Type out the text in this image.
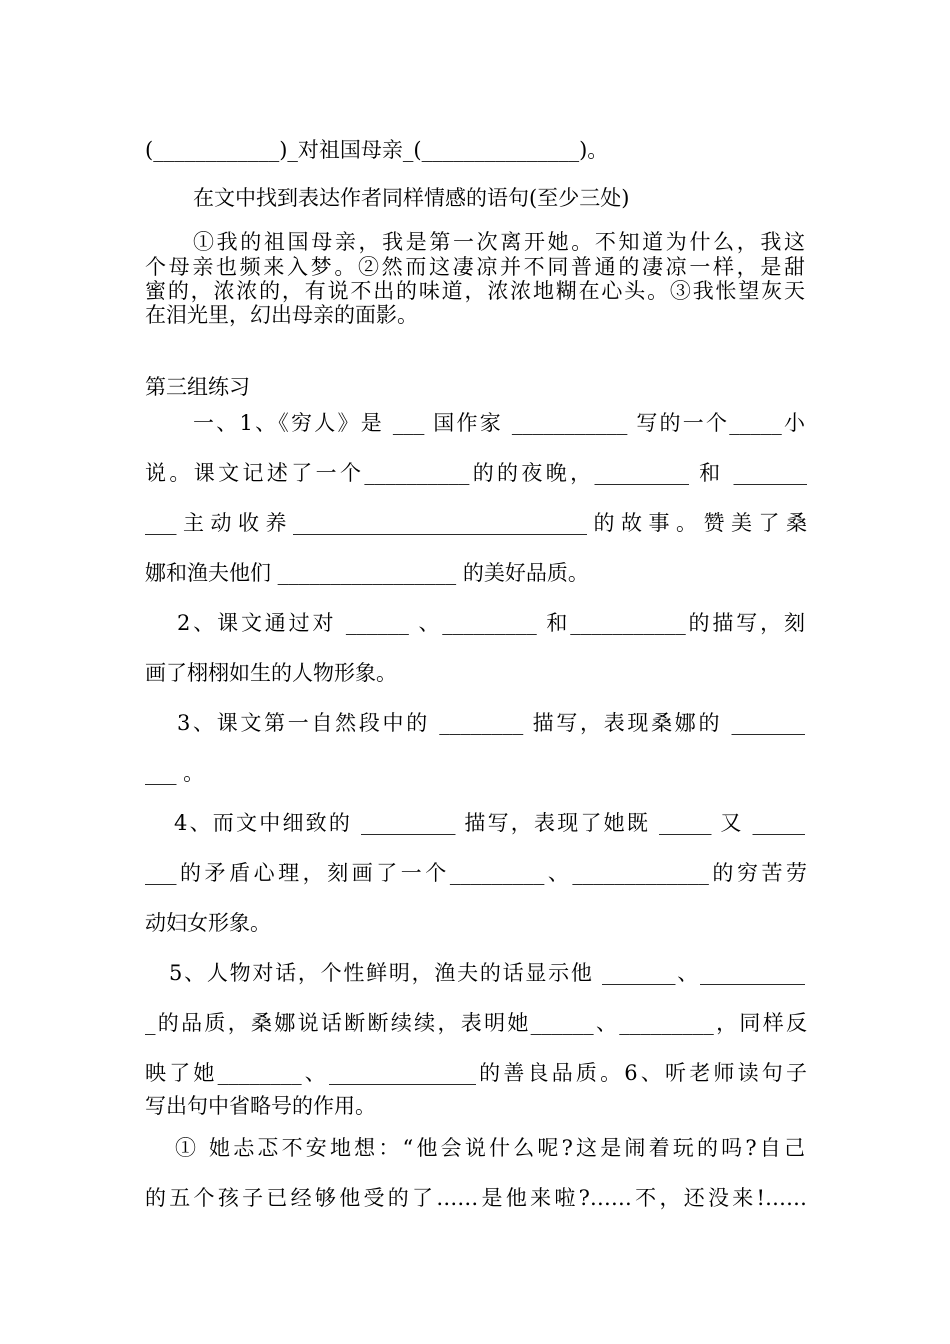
(____________)_对祖国母亲_(_______________)。
在文中找到表达作者同样情感的语句(至少三处)
①我的祖国母亲，我是第一次离开她。不知道为什么，我这
个母亲也频来入梦。②然而这凄凉并不同普通的凄凉一样，是甜
蜜的，浓浓的，有说不出的味道，浓浓地糊在心头。③我怅望灰天
在泪光里，幻出母亲的面影。
第三组练习
一、1、《穷人》是 ___ 国作家 ___________ 写的一个_____小
说。课文记述了一个__________的的夜晚，_________ 和 _______
___主动收养____________________________的故事。赞美了桑
娜和渔夫他们 _________________ 的美好品质。
2、课文通过对 ______ 、_________ 和___________的描写，刻
画了栩栩如生的人物形象。
3、课文第一自然段中的 ________ 描写，表现桑娜的 _______
___ 。
4、而文中细致的 _________ 描写，表现了她既 _____ 又 _____
___的矛盾心理，刻画了一个_________、_____________的穷苦劳
动妇女形象。
5、人物对话，个性鲜明，渔夫的话显示他 _______、__________
_的品质，桑娜说话断断续续，表明她______、_________，同样反
映了她________、______________的善良品质。6、听老师读句子
写出句中省略号的作用。
① 她忐忑不安地想：“他会说什么呢?这是闹着玩的吗?自己
的五个孩子已经够他受的了……是他来啦?……不，还没来!……
